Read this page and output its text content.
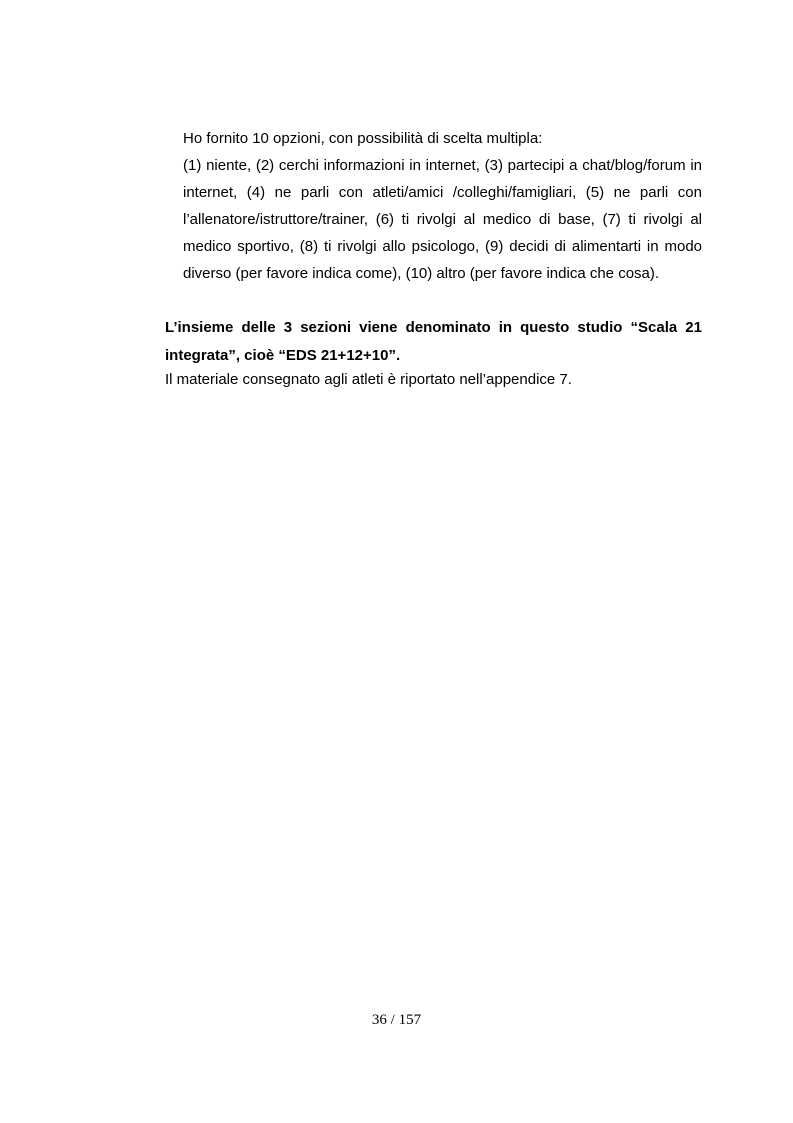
Ho fornito 10 opzioni, con possibilità di scelta multipla:

(1) niente, (2) cerchi informazioni in internet, (3) partecipi a chat/blog/forum in internet, (4) ne parli con atleti/amici /colleghi/famigliari, (5) ne parli con l’allenatore/istruttore/trainer, (6) ti rivolgi al medico di base, (7) ti rivolgi al medico sportivo, (8) ti rivolgi allo psicologo, (9) decidi di alimentarti in modo diverso (per favore indica come), (10) altro (per favore indica che cosa).

L’insieme delle 3 sezioni viene denominato in questo studio “Scala 21 integrata”, cioè “EDS 21+12+10”.

Il materiale consegnato agli atleti è riportato nell’appendice 7.

36 / 157
